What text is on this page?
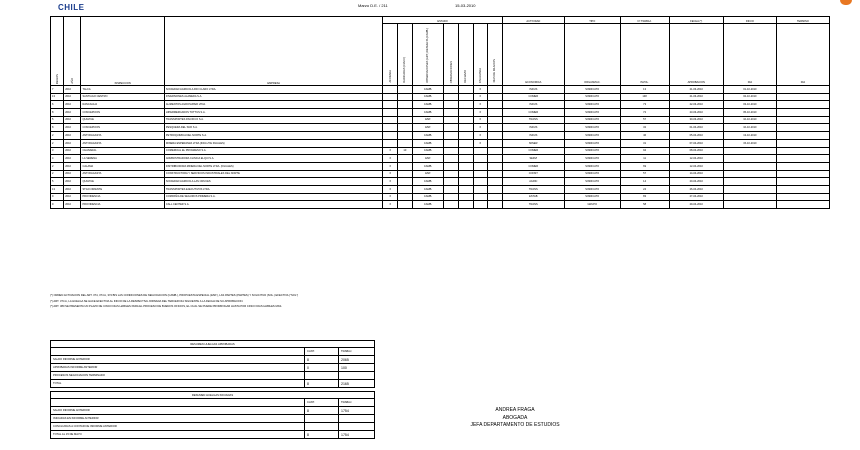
CHILE	Marzo D.E. / 211	15-03-2010
REGION	AÑO	INSPECCION	EMPRESA	ESTADO							ACTIVIDAD	TIPO	Nº TRABAJ.	FECHA (*)	INICIO	TERMINO
				AFORADA	RADICADAS (C/ACC)	OBSERVACIONES (ART.) RESUELTA (CAMB.)	OBSERVACIONES	RECHAZO	FINALIZADA	DIAS DE DILACION	ECONOMICA	ORGANIZAC.	INVOL.	APROBACION	DIA	DIA
7	2010	TALCA	SOCIEDAD AGRICOLA RIO CLARO LTDA.			CAMB.			X		INDUS	SINDICATO	13	21-03-2010	01-10-2010	
13	2010	SANTIAGO CENTRO	INVERSIONES ALAMEDA S.A.			CAMB.			X		COMER	SINDICATO	148	21-03-2010	02-10-2010	
6	2010	RANCAGUA	ALIMENTOS AGROSUPER LTDA.			CAMB.			X		INDUS	SINDICATO	73	22-03-2010	03-10-2010	
8	2010	CONCEPCION	HIPERMERCADOS TOTTUS S.A.			CAMB.			X		COMER	SINDICATO	72	23-03-2010	05-10-2010	
5	2010	QUILPUE	TRANSPORTES PACIFICO S.A.			ESP.			X		TRANS	SINDICATO	57	30-03-2010	10-10-2010	
8	2010	CONCEPCION	PESQUERA DEL SUR S.A.			ESP.			X		INDUS	SINDICATO	32	01-04-2010	10-10-2010	
2	2010	ANTOFAGASTA	PETROQUIMICA DEL NORTE S.A.			CAMB.			X		INDUS	SINDICATO	46	05-04-2010	13-10-2010	
2	2010	ANTOFAGASTA	MINERA ESPERANZA LTDA (INCLUYE FILIALES)			CAMB.			X		MINER	SINDICATO	31	07-04-2010	15-10-2010	
3	2010	CHANARAL	COMERCIAL EL PROGRESO S.A.	X	10	CAMB.					COMER	SINDICATO	94	08-04-2010		
4	2010	LA SERENA	ADMINISTRADORA CLINICA ELQUI S.A.	X		ESP.					SERVI	SINDICATO	11	12-04-2010		
2	2010	CALAMA	DISTRIBUIDORA MINERA DEL NORTE LTDA. (FILIALES)	X		CAMB.					COMER	SINDICATO	69	12-04-2010		
2	2010	ANTOFAGASTA	CONSTRUCTORA Y SERVICIOS INDUSTRIALES DEL NORTE	X		ESP.					CONST	SINDICATO	57	14-04-2010		
5	2010	QUILPUE	SOCIEDAD AGRICOLA LAS CRUCES	X		CAMB.					AGRIC	SINDICATO	14	20-04-2010		
13	2010	STGO.ORIENTE	TRANSPORTES EJECUTIVOS LTDA.	X		CAMB.					TRANS	SINDICATO	24	26-04-2010		
9	2010	PROVIDENCIA	COMPAÑIA DE SEGUROS PRIMERA S.A.	X		CAMB.					ESTAB	SINDICATO	83	27-04-2010		
9	2010	PROVIDENCIA	CALL CENTER S.A.	X		CAMB.					TRANS	GRUPO	58	29-04-2010		
(*) ORDEN ACTIVACION DEL ART. 374, 374 A, 374 BIS LAS CONDICIONES DE NEGOCIACION (CAMB.), PROPUESTA ESPECIAL (ESP.), LAS PARTES (PARTES) Y SOLICITUD (SOL.) EFECTIVA ("SOL")
(*) ART. 374 A, LA HUELGA SE HACE EFECTIVA AL INICIO DE LA RESPECTIVA JORNADA DEL TERCER DIA SIGUIENTE A LA FECHA DE SU APROBACION.
(*) ART. 380 SE PRESENTA UN PLAZO DE CINCO DIAS HABILES PARA EL PROCESO DE BUENOS OFICIOS, EL CUAL SE PUEDE PRORROGAR HASTA POR CINCO DIAS HABILES MAS.
RESUMEN HUELGAS APROBADAS		
	CANT.	TRABAJ.
SALDO INFORME ANTERIOR	8	2065
APROBADAS INFORME ANTERIOR	0	100
PROCESOS NEGOCIACION TERMINADO		
TOTAL	8	2165
RESUMEN HUELGAS INICIADAS		
	CANT.	TRABAJ.
SALDO INFORME ANTERIOR	8	1754
INICIADAS EN INFORME ANTERIOR		
CONCLUIDAS A CONTAR DE INFORME ANTERIOR		
TOTAL AL 15 DE MAYO	8	1754
ANDREA FRAGA
ABOGADA
JEFA DEPARTAMENTO DE ESTUDIOS
